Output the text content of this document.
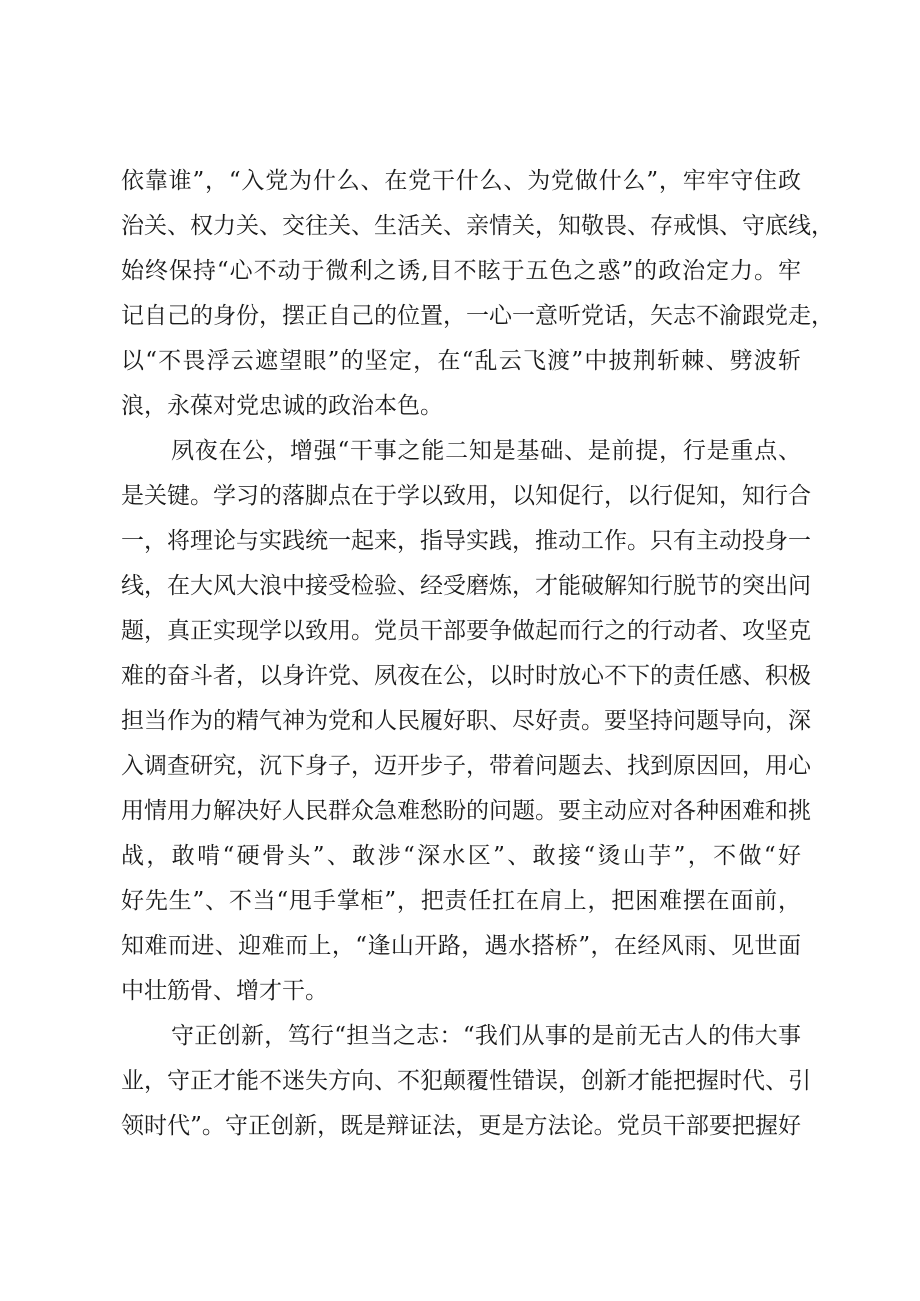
依靠谁”，“入党为什么、在党干什么、为党做什么”，牢牢守住政

治关、权力关、交往关、生活关、亲情关，知敬畏、存戒惧、守底线，

始终保持“心不动于微利之诱,目不眩于五色之惑”的政治定力。牢

记自己的身份，摆正自己的位置，一心一意听党话，矢志不渝跟党走，

以“不畏浮云遮望眼”的坚定，在“乱云飞渡”中披荆斩棘、劈波斩

浪，永葆对党忠诚的政治本色。

夙夜在公，增强“干事之能二知是基础、是前提，行是重点、

是关键。学习的落脚点在于学以致用，以知促行，以行促知，知行合

一，将理论与实践统一起来，指导实践，推动工作。只有主动投身一

线，在大风大浪中接受检验、经受磨炼，才能破解知行脱节的突出问

题，真正实现学以致用。党员干部要争做起而行之的行动者、攻坚克

难的奋斗者，以身许党、夙夜在公，以时时放心不下的责任感、积极

担当作为的精气神为党和人民履好职、尽好责。要坚持问题导向，深

入调查研究，沉下身子，迈开步子，带着问题去、找到原因回，用心

用情用力解决好人民群众急难愁盼的问题。要主动应对各种困难和挑

战，敢啃“硬骨头”、敢涉“深水区”、敢接“烫山芋”，不做“好

好先生”、不当“甩手掌柜”，把责任扛在肩上，把困难摆在面前，

知难而进、迎难而上，“逢山开路，遇水搭桥”，在经风雨、见世面

中壮筋骨、增才干。

守正创新，笃行“担当之志：“我们从事的是前无古人的伟大事

业，守正才能不迷失方向、不犯颠覆性错误，创新才能把握时代、引

领时代”。守正创新，既是辩证法，更是方法论。党员干部要把握好
